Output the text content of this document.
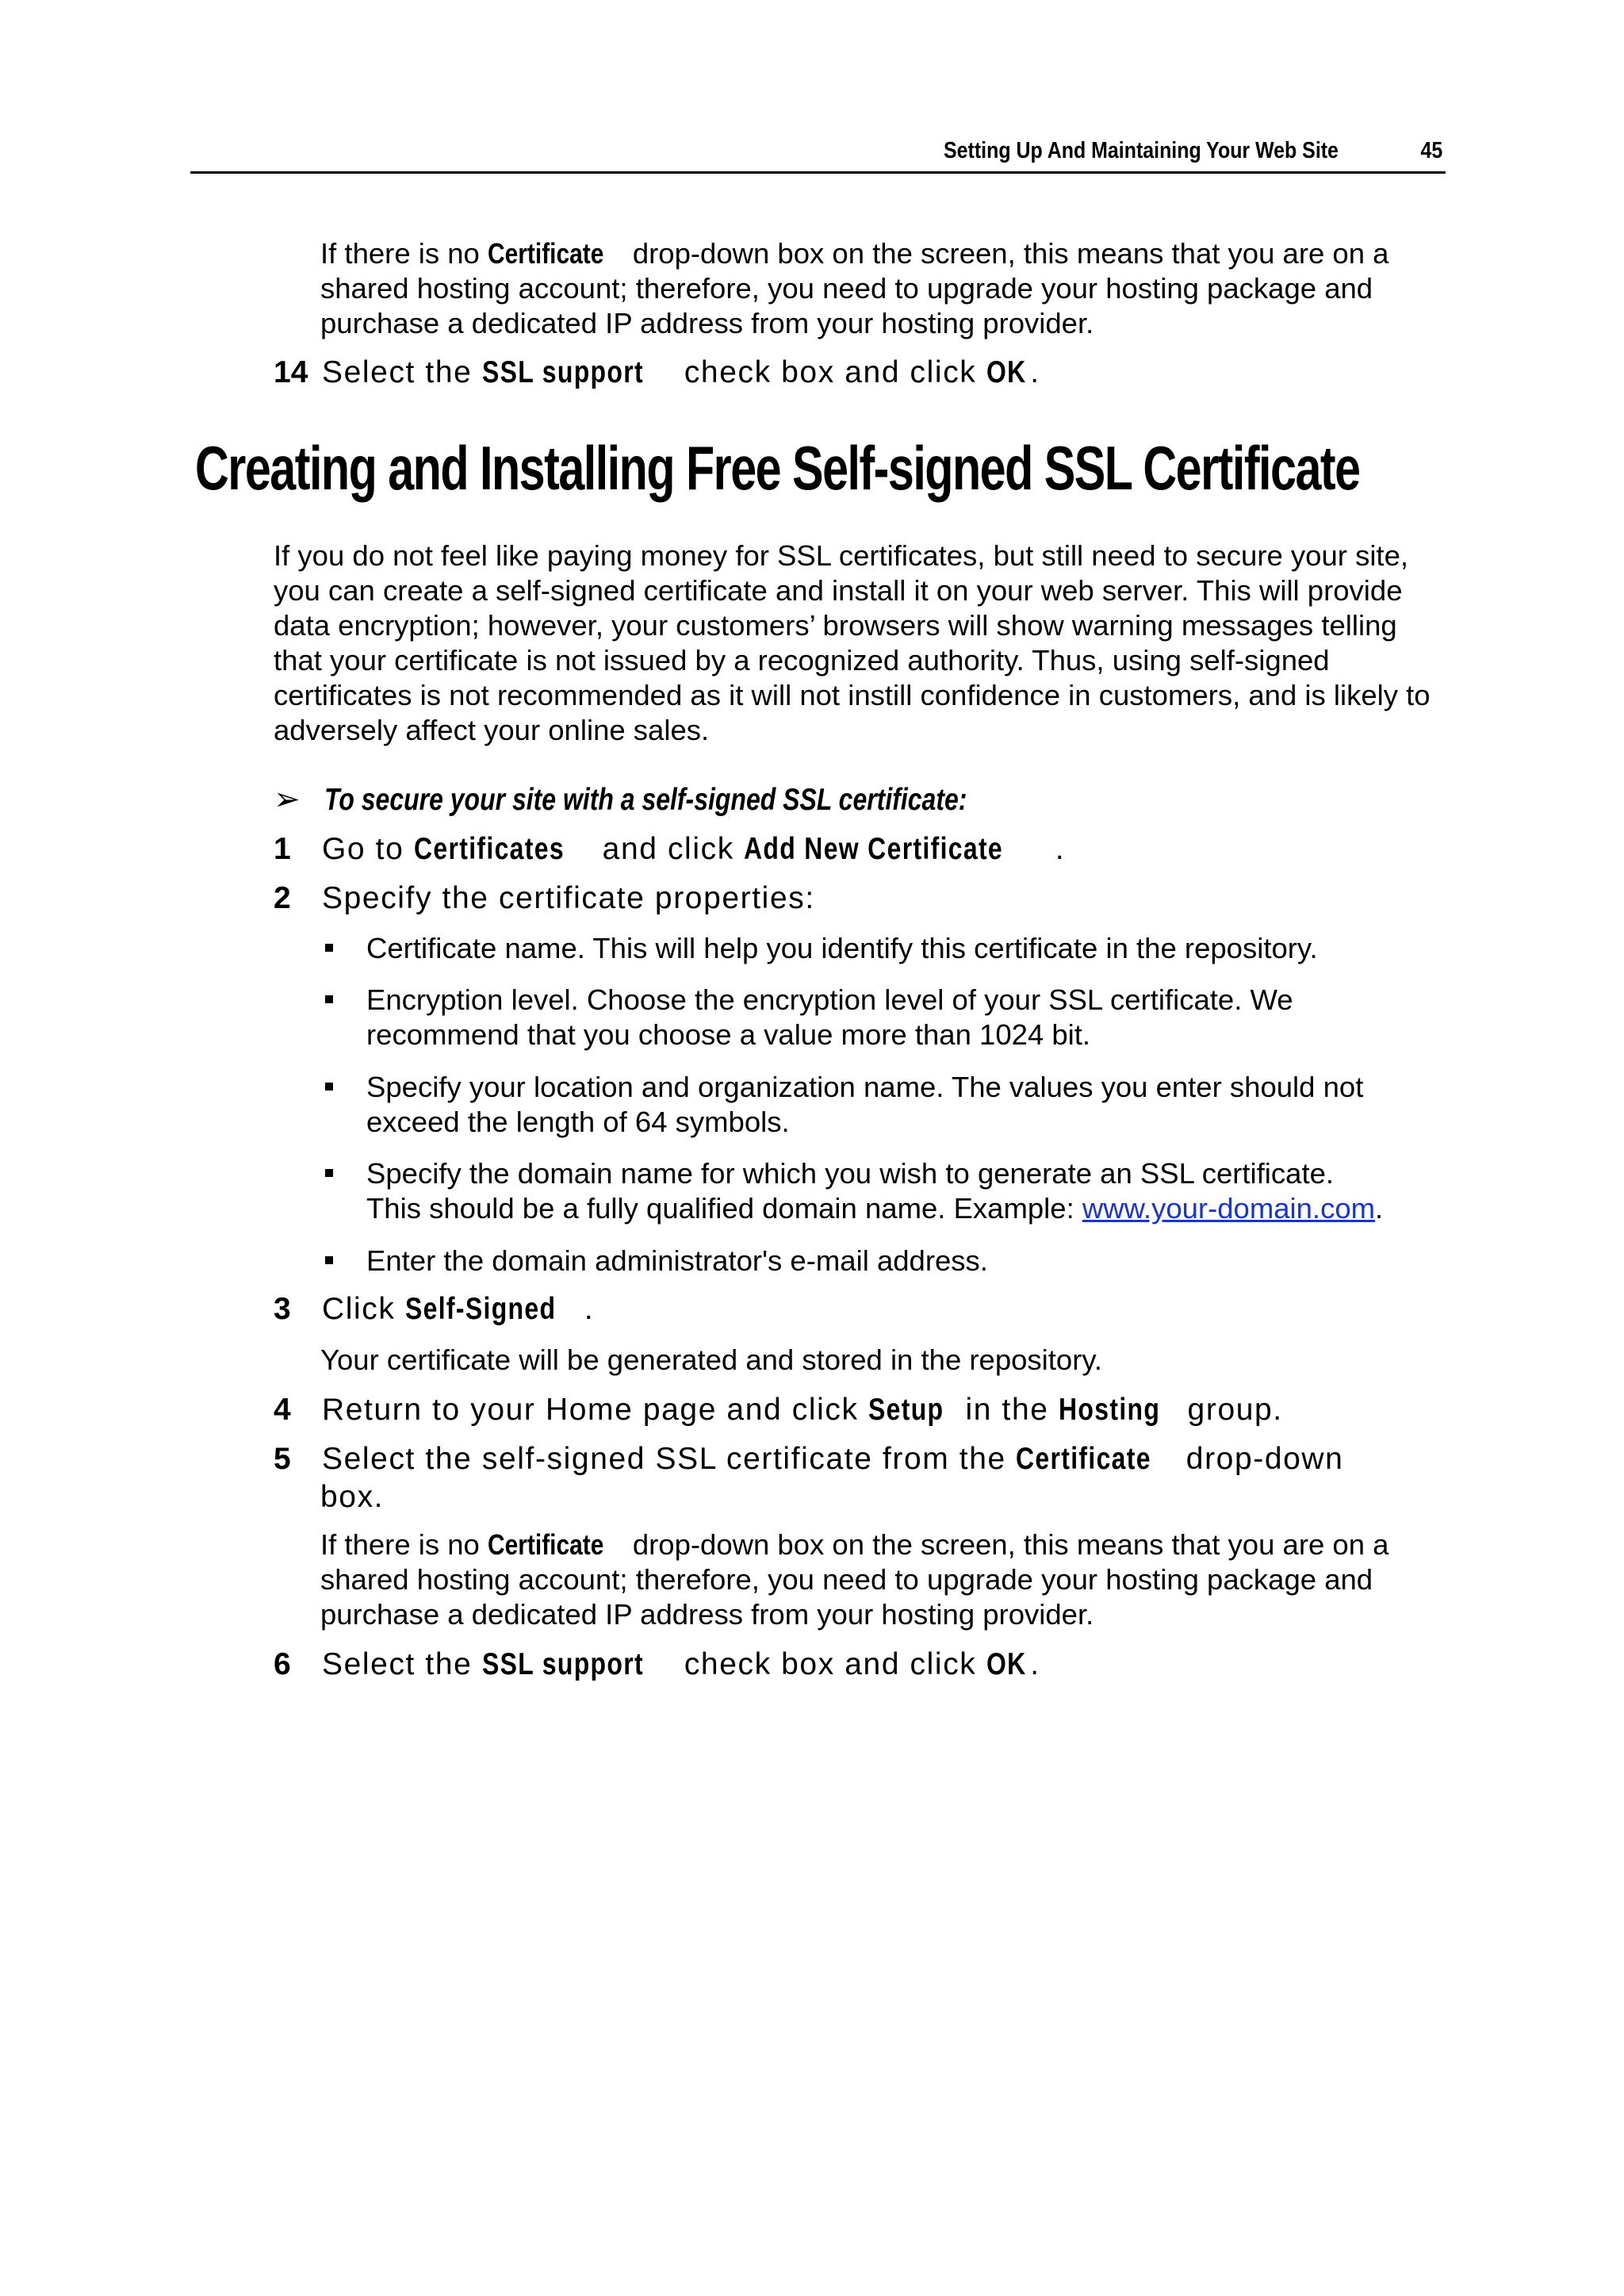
Setting Up And Maintaining Your Web Site	45
If there is no Certificate drop-down box on the screen, this means that you are on a shared hosting account; therefore, you need to upgrade your hosting package and purchase a dedicated IP address from your hosting provider.
14 Select the SSL support check box and click OK .
Creating and Installing Free Self-signed SSL Certificate
If you do not feel like paying money for SSL certificates, but still need to secure your site, you can create a self-signed certificate and install it on your web server. This will provide data encryption; however, your customers’ browsers will show warning messages telling that your certificate is not issued by a recognized authority. Thus, using self-signed certificates is not recommended as it will not instill confidence in customers, and is likely to adversely affect your online sales.
➢ To secure your site with a self-signed SSL certificate:
1 Go to Certificates and click Add New Certificate .
2 Specify the certificate properties:
Certificate name. This will help you identify this certificate in the repository.
Encryption level. Choose the encryption level of your SSL certificate. We recommend that you choose a value more than 1024 bit.
Specify your location and organization name. The values you enter should not exceed the length of 64 symbols.
Specify the domain name for which you wish to generate an SSL certificate.
This should be a fully qualified domain name. Example: www.your-domain.com.
Enter the domain administrator's e-mail address.
3 Click Self-Signed .
Your certificate will be generated and stored in the repository.
4 Return to your Home page and click Setup in the Hosting group.
5 Select the self-signed SSL certificate from the Certificate drop-down
box.
If there is no Certificate drop-down box on the screen, this means that you are on a shared hosting account; therefore, you need to upgrade your hosting package and purchase a dedicated IP address from your hosting provider.
6 Select the SSL support check box and click OK .
